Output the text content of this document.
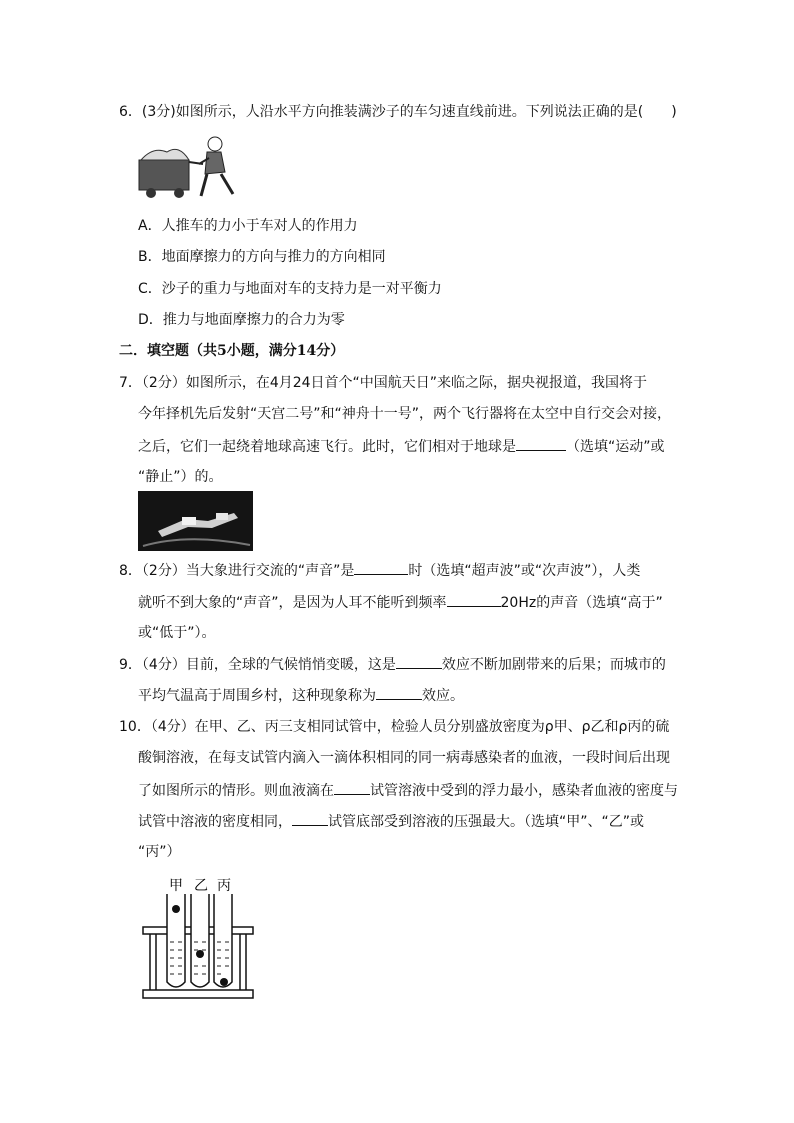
6．(3分)如图所示，人沿水平方向推装满沙子的车匀速直线前进。下列说法正确的是(　　)
A．人推车的力小于车对人的作用力
B．地面摩擦力的方向与推力的方向相同
C．沙子的重力与地面对车的支持力是一对平衡力
D．推力与地面摩擦力的合力为零
二．填空题（共5小题，满分14分）
7．（2分）如图所示，在4月24日首个“中国航天日”来临之际，据央视报道，我国将于
今年择机先后发射“天宫二号”和“神舟十一号”，两个飞行器将在太空中自行交会对接，
之后，它们一起绕着地球高速飞行。此时，它们相对于地球是	（选填“运动”或
“静止”）的。
8．（2分）当大象进行交流的“声音”是	时（选填“超声波”或“次声波”），人类
就听不到大象的“声音”，是因为人耳不能听到频率	20Hz的声音（选填“高于”
或“低于”）。
9．（4分）目前，全球的气候悄悄变暖，这是	效应不断加剧带来的后果；而城市的
平均气温高于周围乡村，这种现象称为	效应。
10．（4分）在甲、乙、丙三支相同试管中，检验人员分别盛放密度为ρ甲、ρ乙和ρ丙的硫
酸铜溶液，在每支试管内滴入一滴体积相同的同一病毒感染者的血液，一段时间后出现
了如图所示的情形。则血液滴在	试管溶液中受到的浮力最小，感染者血液的密度与
试管中溶液的密度相同，	试管底部受到溶液的压强最大。（选填“甲”、“乙”或
“丙”）
甲 乙 丙
